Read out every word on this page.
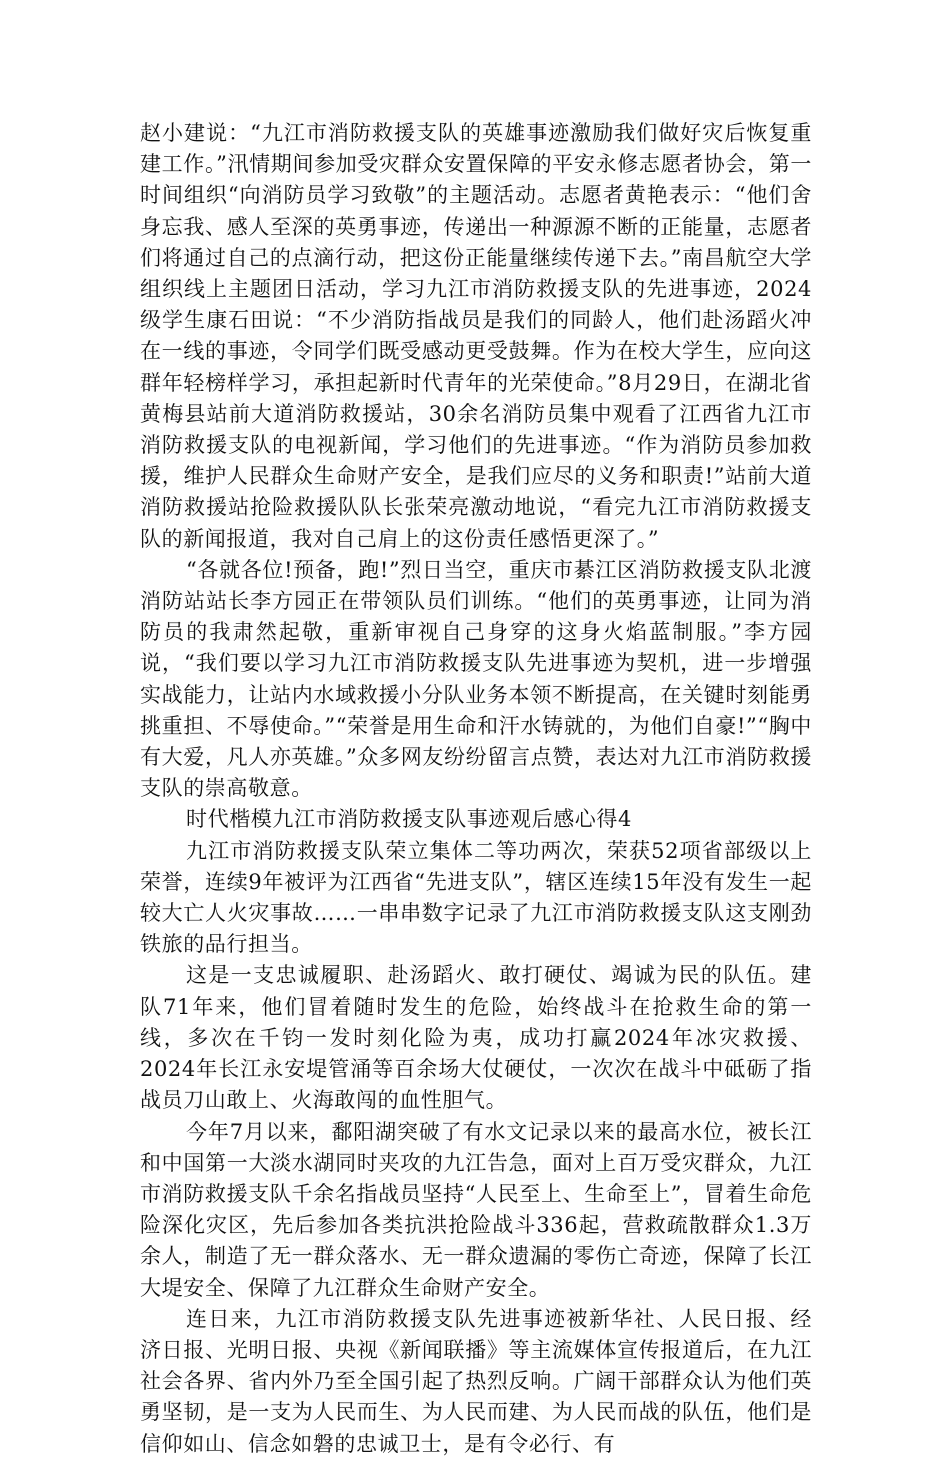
赵小建说：“九江市消防救援支队的英雄事迹激励我们做好灾后恢复重建工作。”汛情期间参加受灾群众安置保障的平安永修志愿者协会，第一时间组织“向消防员学习致敬”的主题活动。志愿者黄艳表示：“他们舍身忘我、感人至深的英勇事迹，传递出一种源源不断的正能量，志愿者们将通过自己的点滴行动，把这份正能量继续传递下去。”南昌航空大学组织线上主题团日活动，学习九江市消防救援支队的先进事迹，2024级学生康石田说：“不少消防指战员是我们的同龄人，他们赴汤蹈火冲在一线的事迹，令同学们既受感动更受鼓舞。作为在校大学生，应向这群年轻榜样学习，承担起新时代青年的光荣使命。”8月29日，在湖北省黄梅县站前大道消防救援站，30余名消防员集中观看了江西省九江市消防救援支队的电视新闻，学习他们的先进事迹。“作为消防员参加救援，维护人民群众生命财产安全，是我们应尽的义务和职责!”站前大道消防救援站抢险救援队队长张荣亮激动地说，“看完九江市消防救援支队的新闻报道，我对自己肩上的这份责任感悟更深了。”

“各就各位!预备，跑!”烈日当空，重庆市綦江区消防救援支队北渡消防站站长李方园正在带领队员们训练。“他们的英勇事迹，让同为消防员的我肃然起敬，重新审视自己身穿的这身火焰蓝制服。”李方园说，“我们要以学习九江市消防救援支队先进事迹为契机，进一步增强实战能力，让站内水域救援小分队业务本领不断提高，在关键时刻能勇挑重担、不辱使命。”“荣誉是用生命和汗水铸就的，为他们自豪!”“胸中有大爱，凡人亦英雄。”众多网友纷纷留言点赞，表达对九江市消防救援支队的崇高敬意。

时代楷模九江市消防救援支队事迹观后感心得4

九江市消防救援支队荣立集体二等功两次，荣获52项省部级以上荣誉，连续9年被评为江西省“先进支队”，辖区连续15年没有发生一起较大亡人火灾事故……一串串数字记录了九江市消防救援支队这支刚劲铁旅的品行担当。

这是一支忠诚履职、赴汤蹈火、敢打硬仗、竭诚为民的队伍。建队71年来，他们冒着随时发生的危险，始终战斗在抢救生命的第一线，多次在千钧一发时刻化险为夷，成功打赢2024年冰灾救援、2024年长江永安堤管涌等百余场大仗硬仗，一次次在战斗中砥砺了指战员刀山敢上、火海敢闯的血性胆气。

今年7月以来，鄱阳湖突破了有水文记录以来的最高水位，被长江和中国第一大淡水湖同时夹攻的九江告急，面对上百万受灾群众，九江市消防救援支队千余名指战员坚持“人民至上、生命至上”，冒着生命危险深化灾区，先后参加各类抗洪抢险战斗336起，营救疏散群众1.3万余人，制造了无一群众落水、无一群众遗漏的零伤亡奇迹，保障了长江大堤安全、保障了九江群众生命财产安全。

连日来，九江市消防救援支队先进事迹被新华社、人民日报、经济日报、光明日报、央视《新闻联播》等主流媒体宣传报道后，在九江社会各界、省内外乃至全国引起了热烈反响。广阔干部群众认为他们英勇坚韧，是一支为人民而生、为人民而建、为人民而战的队伍，他们是信仰如山、信念如磐的忠诚卫士，是有令必行、有
